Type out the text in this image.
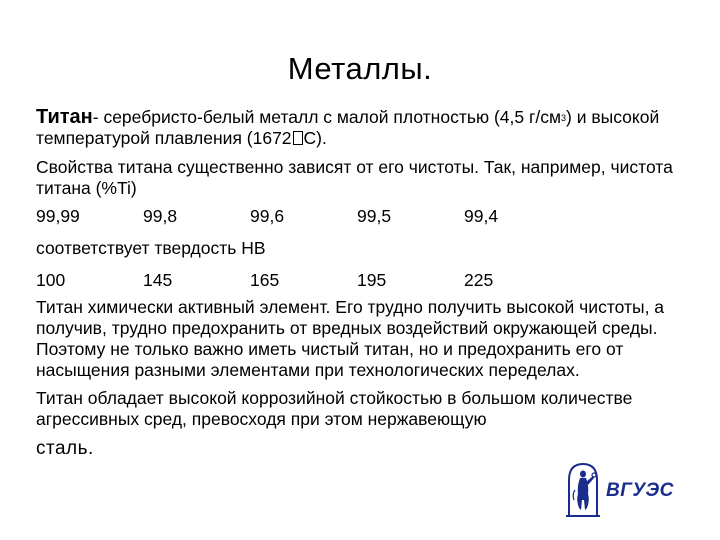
Металлы.

Титан- серебристо-белый металл с малой плотностью (4,5 $г/см^3$) и высокой температурой плавления (1672 С).

Свойства титана существенно зависят от его чистоты. Так, например, чистота титана (%Ti)

99,99	99,8	99,6	99,5	99,4
соответствует твердость НВ
100	145	165	195	225

Титан химически активный элемент. Его трудно получить высокой чистоты, а получив, трудно предохранить от вредных воздействий окружающей среды. Поэтому не только важно иметь чистый титан, но и предохранить его от насыщения разными элементами при технологических переделах.

Титан обладает высокой коррозийной стойкостью в большом количестве агрессивных сред, превосходя при этом нержавеющую
сталь.

ВГУЭС
